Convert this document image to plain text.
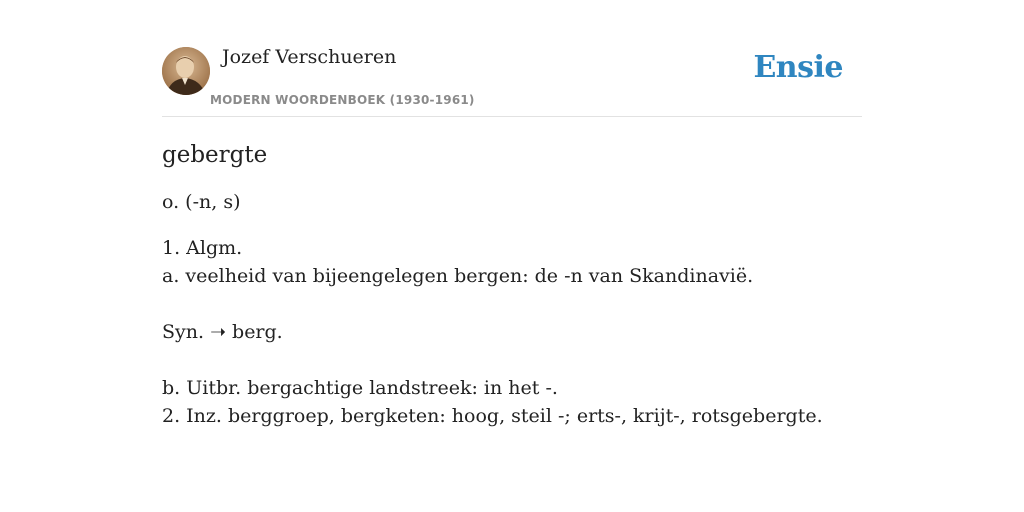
Jozef Verschueren
MODERN WOORDENBOEK (1930-1961)
Ensie
gebergte
o. (-n, s)
1. Algm.
a. veelheid van bijeengelegen bergen: de -n van Skandinavië.
Syn. ➝ berg.
b. Uitbr. bergachtige landstreek: in het -.
2. Inz. berggroep, bergketen: hoog, steil -; erts-, krijt-, rotsgebergte.
